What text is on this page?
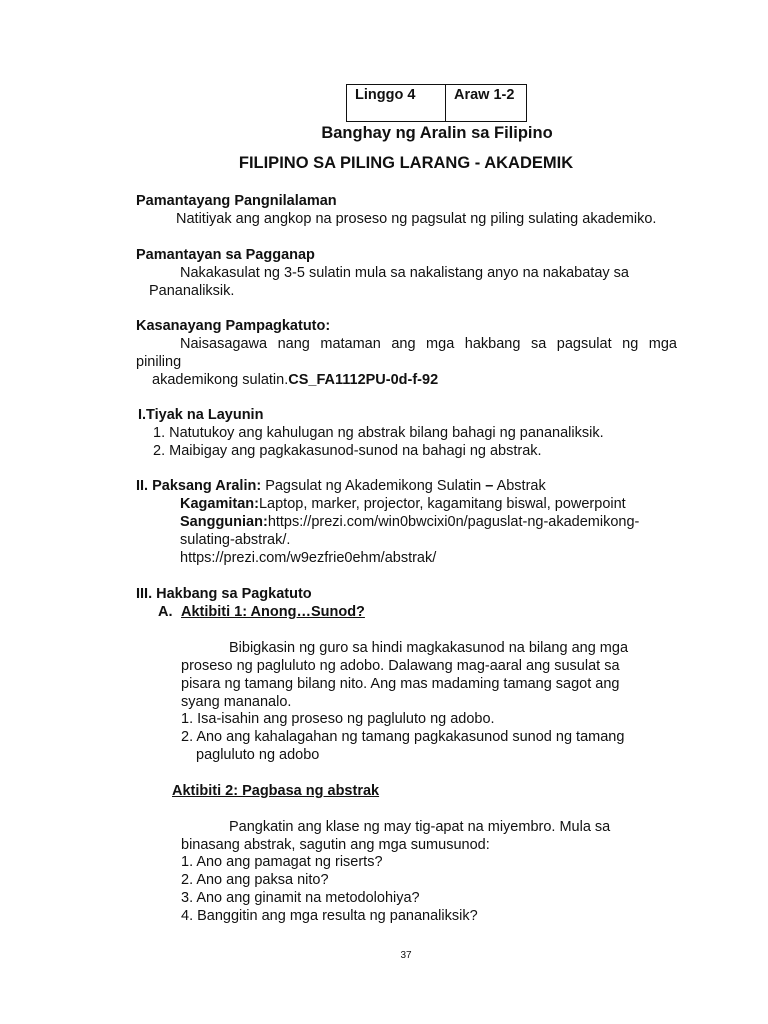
Linggo 4	Araw 1-2
Banghay ng Aralin sa Filipino
FILIPINO SA PILING LARANG - AKADEMIK
Pamantayang Pangnilalaman
Natitiyak ang angkop na proseso ng pagsulat ng piling sulating akademiko.
Pamantayan sa Pagganap
Nakakasulat ng 3-5 sulatin mula sa nakalistang anyo na nakabatay sa
Pananaliksik.
Kasanayang Pampagkatuto:
Naisasagawa nang mataman ang mga hakbang sa pagsulat ng mga
piniling
akademikong sulatin.CS_FA1112PU-0d-f-92
I.Tiyak na Layunin
1. Natutukoy ang kahulugan ng abstrak bilang bahagi ng pananaliksik.
2. Maibigay ang pagkakasunod-sunod na bahagi ng abstrak.
II. Paksang Aralin: Pagsulat ng Akademikong Sulatin – Abstrak
Kagamitan:Laptop, marker, projector, kagamitang biswal, powerpoint
Sanggunian:https://prezi.com/win0bwcixi0n/paguslat-ng-akademikong-
sulating-abstrak/.
https://prezi.com/w9ezfrie0ehm/abstrak/
III. Hakbang sa Pagkatuto
A. Aktibiti 1: Anong…Sunod?
Bibigkasin ng guro sa hindi magkakasunod na bilang ang mga
proseso ng pagluluto ng adobo. Dalawang mag-aaral ang susulat sa
pisara ng tamang bilang nito. Ang mas madaming tamang sagot ang
syang mananalo.
1. Isa-isahin ang proseso ng pagluluto ng adobo.
2. Ano ang kahalagahan ng tamang pagkakasunod sunod ng tamang
pagluluto ng adobo
Aktibiti 2: Pagbasa ng abstrak
Pangkatin ang klase ng may tig-apat na miyembro. Mula sa
binasang abstrak, sagutin ang mga sumusunod:
1. Ano ang pamagat ng riserts?
2. Ano ang paksa nito?
3. Ano ang ginamit na metodolohiya?
4. Banggitin ang mga resulta ng pananaliksik?
37
